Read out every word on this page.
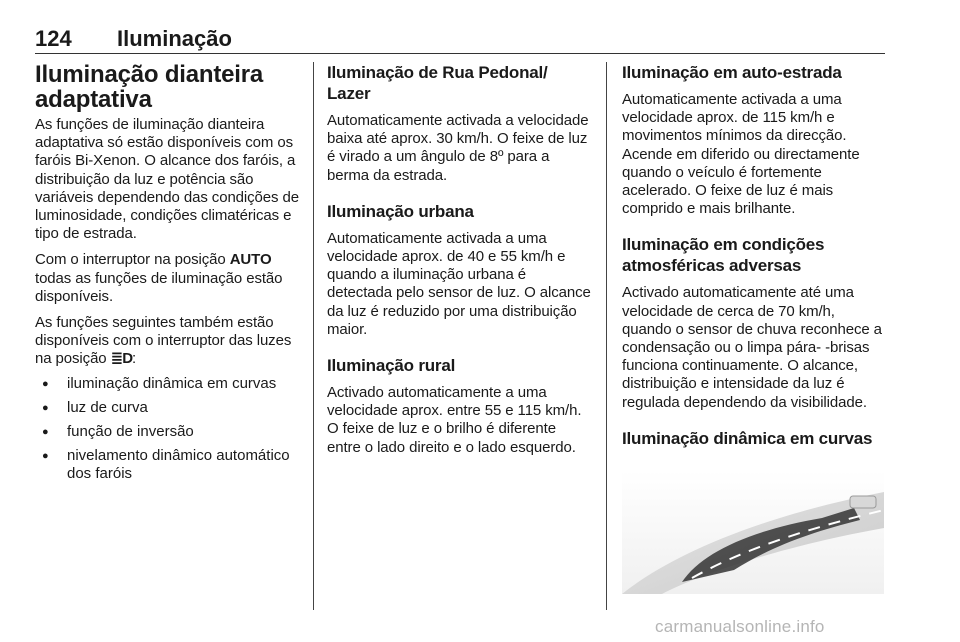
124 Iluminação
Iluminação dianteira adaptativa

As funções de iluminação dianteira adaptativa só estão disponíveis com os faróis Bi-Xenon. O alcance dos faróis, a distribuição da luz e potência são variáveis dependendo das condições de luminosidade, condições climatéricas e tipo de estrada.

Com o interruptor na posição AUTO todas as funções de iluminação estão disponíveis.

As funções seguintes também estão disponíveis com o interruptor das luzes na posição ≣D:

● iluminação dinâmica em curvas
● luz de curva
● função de inversão
● nivelamento dinâmico automático dos faróis
Iluminação de Rua Pedonal/ Lazer

Automaticamente activada a velocidade baixa até aprox. 30 km/h. O feixe de luz é virado a um ângulo de 8º para a berma da estrada.

Iluminação urbana

Automaticamente activada a uma velocidade aprox. de 40 e 55 km/h e quando a iluminação urbana é detectada pelo sensor de luz. O alcance da luz é reduzido por uma distribuição maior.

Iluminação rural

Activado automaticamente a uma velocidade aprox. entre 55 e 115 km/h. O feixe de luz e o brilho é diferente entre o lado direito e o lado esquerdo.

Iluminação em auto-estrada

Automaticamente activada a uma velocidade aprox. de 115 km/h e movimentos mínimos da direcção. Acende em diferido ou directamente quando o veículo é fortemente acelerado. O feixe de luz é mais comprido e mais brilhante.

Iluminação em condições atmosféricas adversas

Activado automaticamente até uma velocidade de cerca de 70 km/h, quando o sensor de chuva reconhece a condensação ou o limpa pára- -brisas funciona continuamente. O alcance, distribuição e intensidade da luz é regulada dependendo da visibilidade.

Iluminação dinâmica em curvas
carmanualsonline.info
